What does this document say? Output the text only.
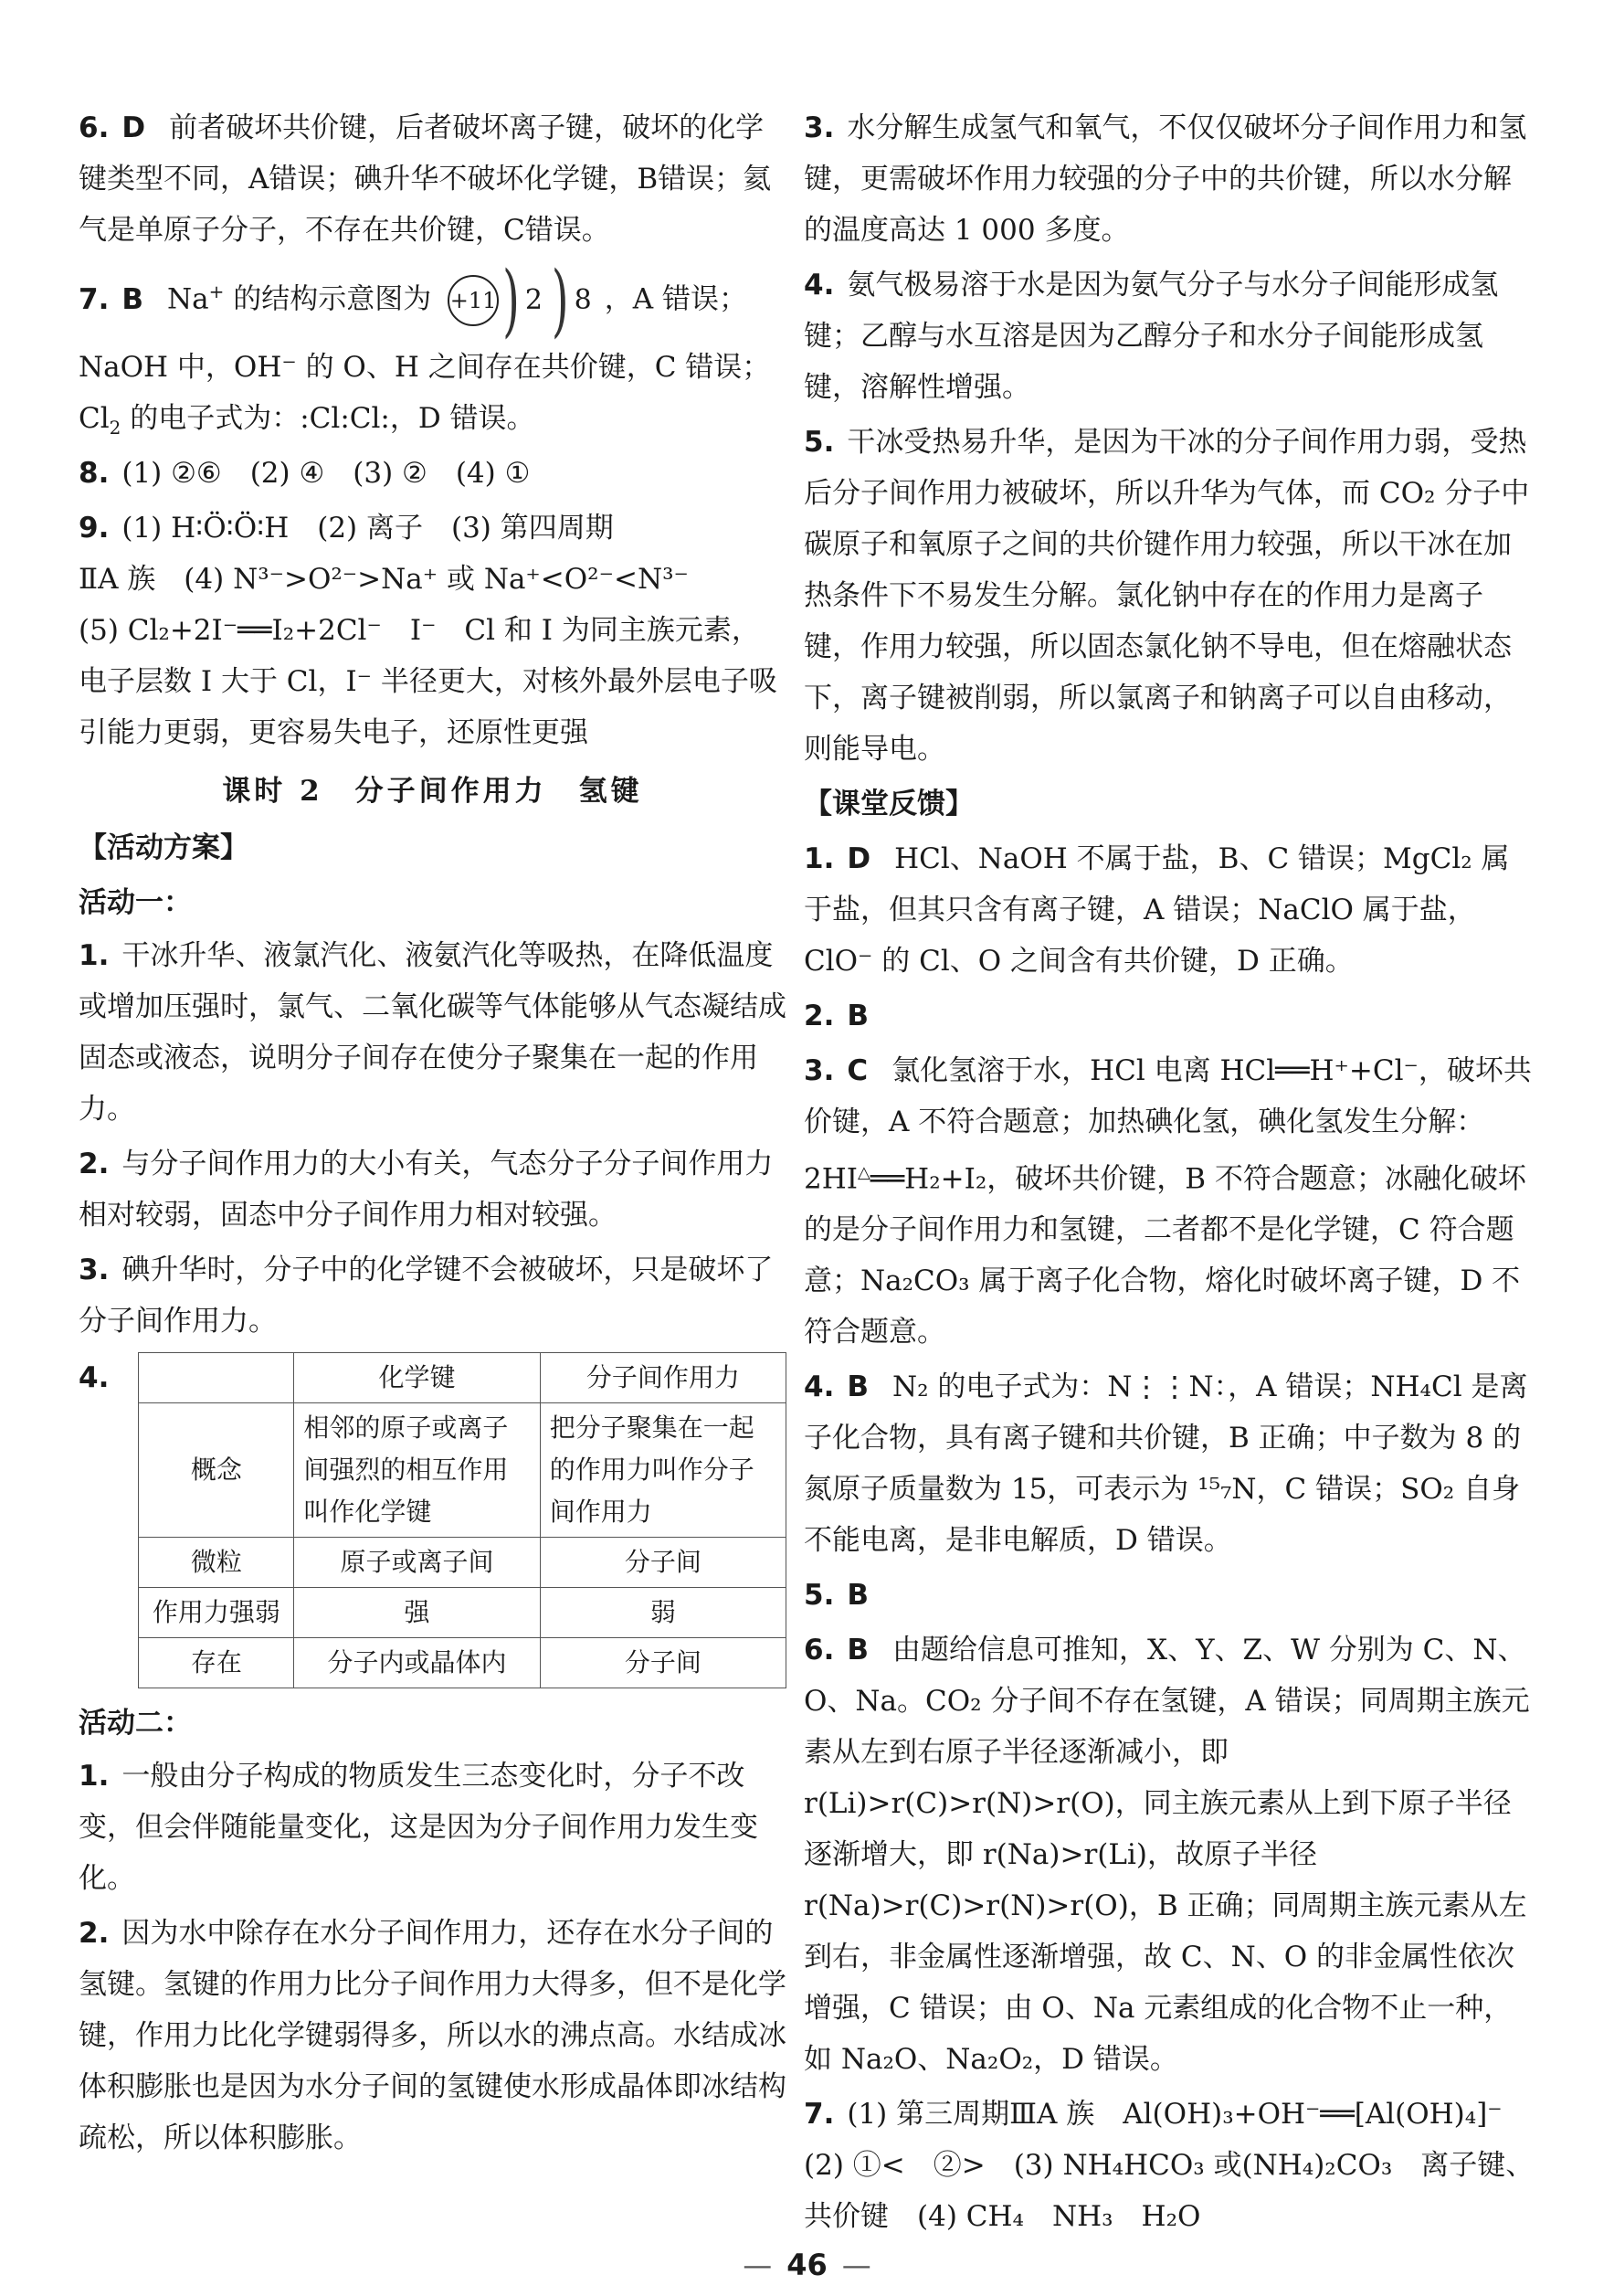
6. D 前者破坏共价键，后者破坏离子键，破坏的化学键类型不同，A错误；碘升华不破坏化学键，B错误；氦气是单原子分子，不存在共价键，C错误。
7. B Na+ 的结构示意图为 +11 ) 2 ) 8 ，A 错误；
NaOH 中，OH⁻ 的 O、H 之间存在共价键，C 错误；
$Cl_2$ 的电子式为：:Cl:Cl:，D 错误。
8. (1) ②⑥　(2) ④　(3) ②　(4) ①
9. (1) H∶Ö∶Ö∶H　(2) 离子　(3) 第四周期
ⅡA 族　(4) N³⁻>O²⁻>Na⁺ 或 Na⁺<O²⁻<N³⁻
(5) Cl₂+2I⁻══I₂+2Cl⁻　I⁻　Cl 和 I 为同主族元素，电子层数 I 大于 Cl，I⁻ 半径更大，对核外最外层电子吸引能力更弱，更容易失电子，还原性更强
课时 2　分子间作用力　氢键
【活动方案】
活动一：
1. 干冰升华、液氯汽化、液氨汽化等吸热，在降低温度或增加压强时，氯气、二氧化碳等气体能够从气态凝结成固态或液态，说明分子间存在使分子聚集在一起的作用力。
2. 与分子间作用力的大小有关，气态分子分子间作用力相对较弱，固态中分子间作用力相对较强。
3. 碘升华时，分子中的化学键不会被破坏，只是破坏了分子间作用力。
4.
		化学键	分子间作用力
概念	相邻的原子或离子间强烈的相互作用叫作化学键	把分子聚集在一起的作用力叫作分子间作用力
微粒	原子或离子间	分子间
作用力强弱	强	弱
存在	分子内或晶体内	分子间
活动二：
1. 一般由分子构成的物质发生三态变化时，分子不改变，但会伴随能量变化，这是因为分子间作用力发生变化。
2. 因为水中除存在水分子间作用力，还存在水分子间的氢键。氢键的作用力比分子间作用力大得多，但不是化学键，作用力比化学键弱得多，所以水的沸点高。水结成冰体积膨胀也是因为水分子间的氢键使水形成晶体即冰结构疏松，所以体积膨胀。
3. 水分解生成氢气和氧气，不仅仅破坏分子间作用力和氢键，更需破坏作用力较强的分子中的共价键，所以水分解的温度高达 1 000 多度。
4. 氨气极易溶于水是因为氨气分子与水分子间能形成氢键；乙醇与水互溶是因为乙醇分子和水分子间能形成氢键，溶解性增强。
5. 干冰受热易升华，是因为干冰的分子间作用力弱，受热后分子间作用力被破坏，所以升华为气体，而 CO₂ 分子中碳原子和氧原子之间的共价键作用力较强，所以干冰在加热条件下不易发生分解。氯化钠中存在的作用力是离子键，作用力较强，所以固态氯化钠不导电，但在熔融状态下，离子键被削弱，所以氯离子和钠离子可以自由移动，则能导电。
【课堂反馈】
1. D HCl、NaOH 不属于盐，B、C 错误；MgCl₂ 属于盐，但其只含有离子键，A 错误；NaClO 属于盐，ClO⁻ 的 Cl、O 之间含有共价键，D 正确。
2. B
3. C 氯化氢溶于水，HCl 电离 HCl══H⁺+Cl⁻，破坏共价键，A 不符合题意；加热碘化氢，碘化氢发生分解：2HI△══H₂+I₂，破坏共价键，B 不符合题意；冰融化破坏的是分子间作用力和氢键，二者都不是化学键，C 符合题意；Na₂CO₃ 属于离子化合物，熔化时破坏离子键，D 不符合题意。
4. B N₂ 的电子式为：N⋮⋮N：，A 错误；NH₄Cl 是离子化合物，具有离子键和共价键，B 正确；中子数为 8 的氮原子质量数为 15，可表示为 ¹⁵₇N，C 错误；SO₂ 自身不能电离，是非电解质，D 错误。
5. B
6. B 由题给信息可推知，X、Y、Z、W 分别为 C、N、O、Na。CO₂ 分子间不存在氢键，A 错误；同周期主族元素从左到右原子半径逐渐减小，即 r(Li)>r(C)>r(N)>r(O)，同主族元素从上到下原子半径逐渐增大，即 r(Na)>r(Li)，故原子半径 r(Na)>r(C)>r(N)>r(O)，B 正确；同周期主族元素从左到右，非金属性逐渐增强，故 C、N、O 的非金属性依次增强，C 错误；由 O、Na 元素组成的化合物不止一种，如 Na₂O、Na₂O₂，D 错误。
7. (1) 第三周期ⅢA 族　Al(OH)₃+OH⁻══[Al(OH)₄]⁻　(2) ①<　②>　(3) NH₄HCO₃ 或(NH₄)₂CO₃　离子键、共价键　(4) CH₄　NH₃　H₂O
— 46 —
